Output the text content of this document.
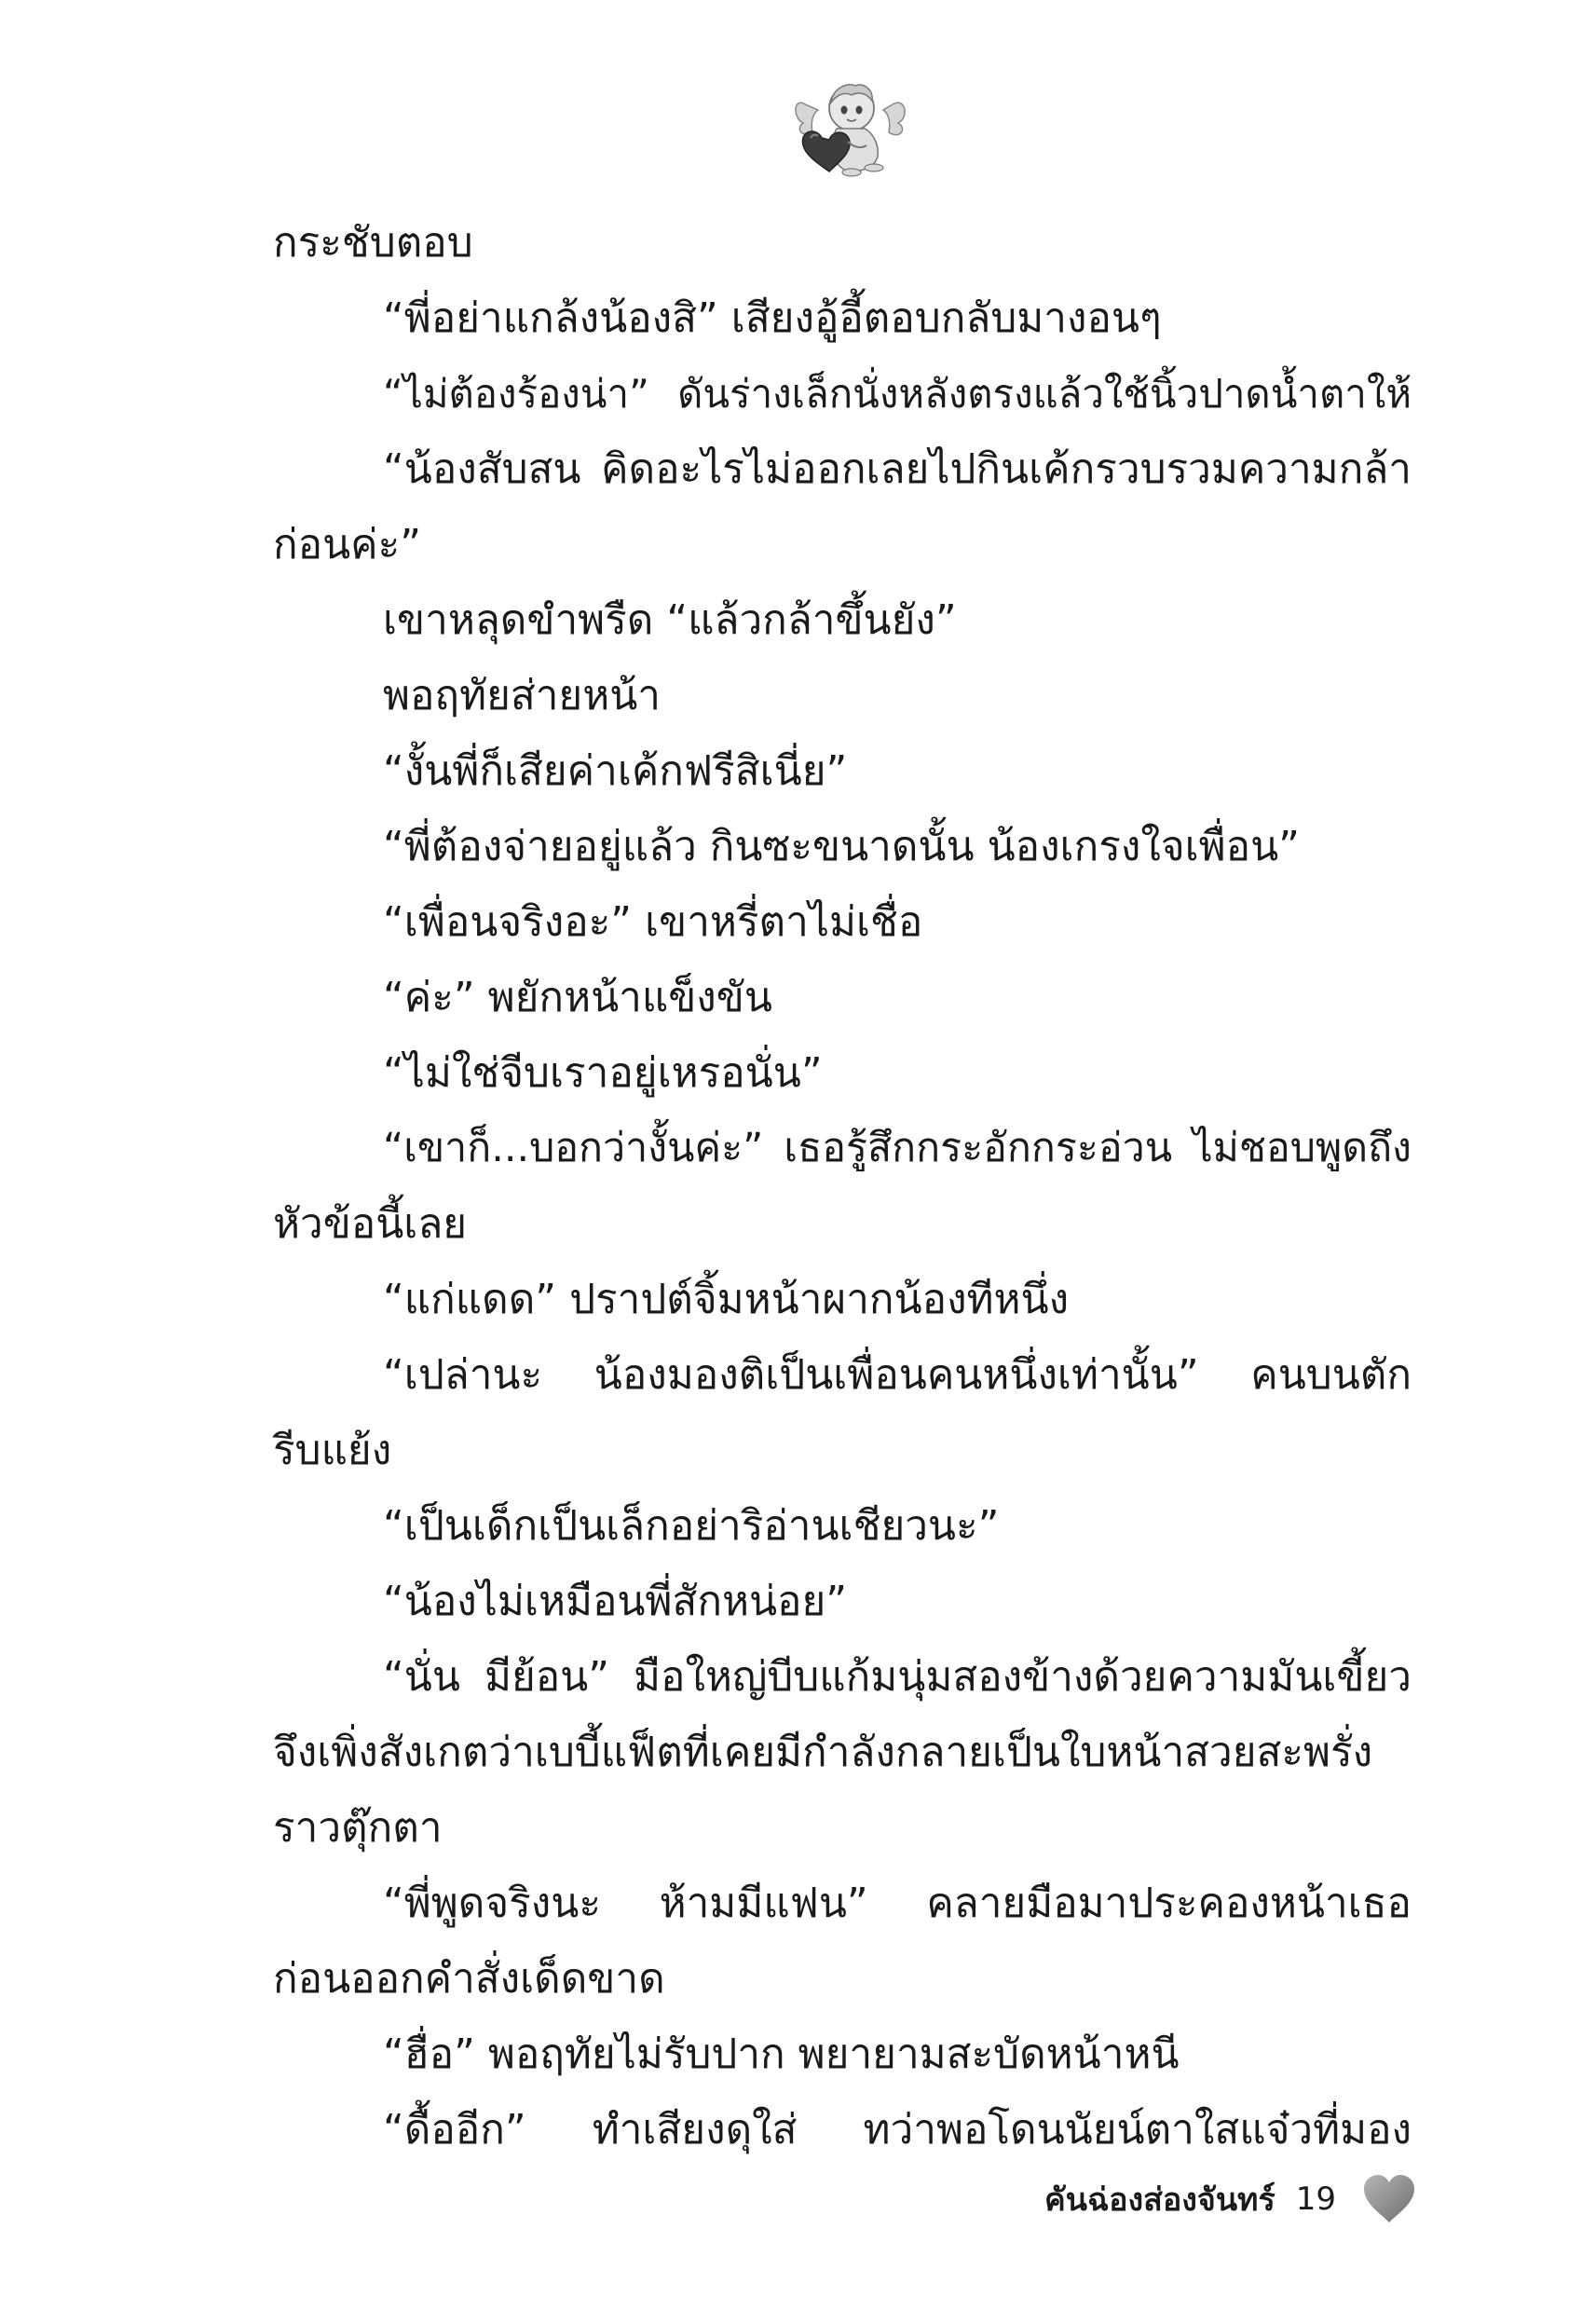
กระชับตอบ
“พี่อย่าแกล้งน้องสิ” เสียงอู้อี้ตอบกลับมางอนๆ
“ไม่ต้องร้องน่า” ดันร่างเล็กนั่งหลังตรงแล้วใช้นิ้วปาดน้ำตาให้
“น้องสับสน คิดอะไรไม่ออกเลยไปกินเค้กรวบรวมความกล้า
ก่อนค่ะ”
เขาหลุดขำพรืด “แล้วกล้าขึ้นยัง”
พอฤทัยส่ายหน้า
“งั้นพี่ก็เสียค่าเค้กฟรีสิเนี่ย”
“พี่ต้องจ่ายอยู่แล้ว กินซะขนาดนั้น น้องเกรงใจเพื่อน”
“เพื่อนจริงอะ” เขาหรี่ตาไม่เชื่อ
“ค่ะ” พยักหน้าแข็งขัน
“ไม่ใช่จีบเราอยู่เหรอนั่น”
“เขาก็...บอกว่างั้นค่ะ” เธอรู้สึกกระอักกระอ่วน ไม่ชอบพูดถึง
หัวข้อนี้เลย
“แก่แดด” ปราปต์จิ้มหน้าผากน้องทีหนึ่ง
“เปล่านะ น้องมองติเป็นเพื่อนคนหนึ่งเท่านั้น” คนบนตัก
รีบแย้ง
“เป็นเด็กเป็นเล็กอย่าริอ่านเชียวนะ”
“น้องไม่เหมือนพี่สักหน่อย”
“นั่น มีย้อน” มือใหญ่บีบแก้มนุ่มสองข้างด้วยความมันเขี้ยว
จึงเพิ่งสังเกตว่าเบบี้แฟ็ตที่เคยมีกำลังกลายเป็นใบหน้าสวยสะพรั่ง
ราวตุ๊กตา
“พี่พูดจริงนะ ห้ามมีแฟน” คลายมือมาประคองหน้าเธอ
ก่อนออกคำสั่งเด็ดขาด
“ฮื่อ” พอฤทัยไม่รับปาก พยายามสะบัดหน้าหนี
“ดื้ออีก” ทำเสียงดุใส่ ทว่าพอโดนนัยน์ตาใสแจ๋วที่มอง
คันฉ่องส่องจันทร์ 19
